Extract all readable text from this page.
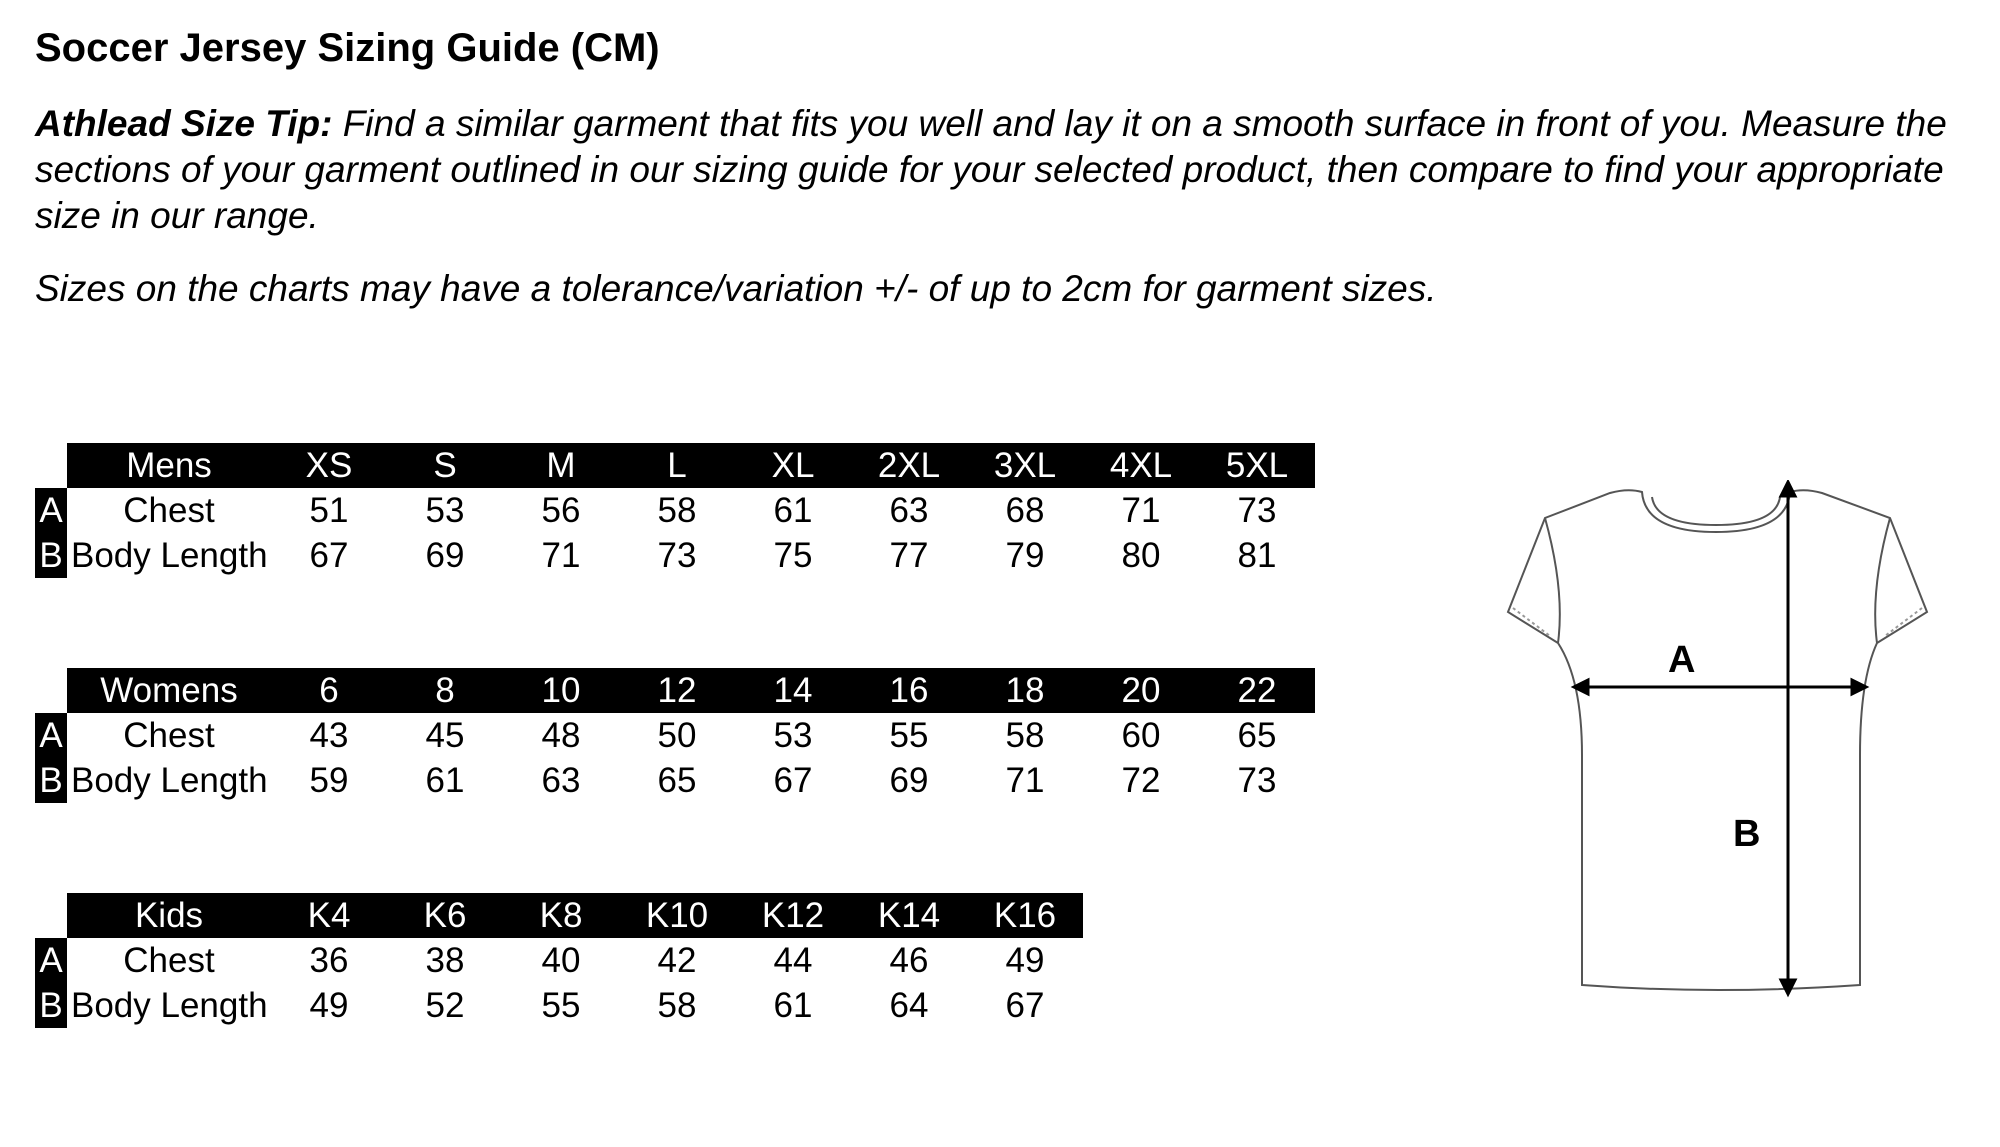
Soccer Jersey Sizing Guide (CM)

Athlead Size Tip: Find a similar garment that fits you well and lay it on a smooth surface in front of you. Measure the sections of your garment outlined in our sizing guide for your selected product, then compare to find your appropriate size in our range.

Sizes on the charts may have a tolerance/variation +/- of up to 2cm for garment sizes.

	Mens	XS	S	M	L	XL	2XL	3XL	4XL	5XL
A	Chest	51	53	56	58	61	63	68	71	73
B	Body Length	67	69	71	73	75	77	79	80	81
	Womens	6	8	10	12	14	16	18	20	22
A	Chest	43	45	48	50	53	55	58	60	65
B	Body Length	59	61	63	65	67	69	71	72	73
	Kids	K4	K6	K8	K10	K12	K14	K16
A	Chest	36	38	40	42	44	46	49
B	Body Length	49	52	55	58	61	64	67
A
B
